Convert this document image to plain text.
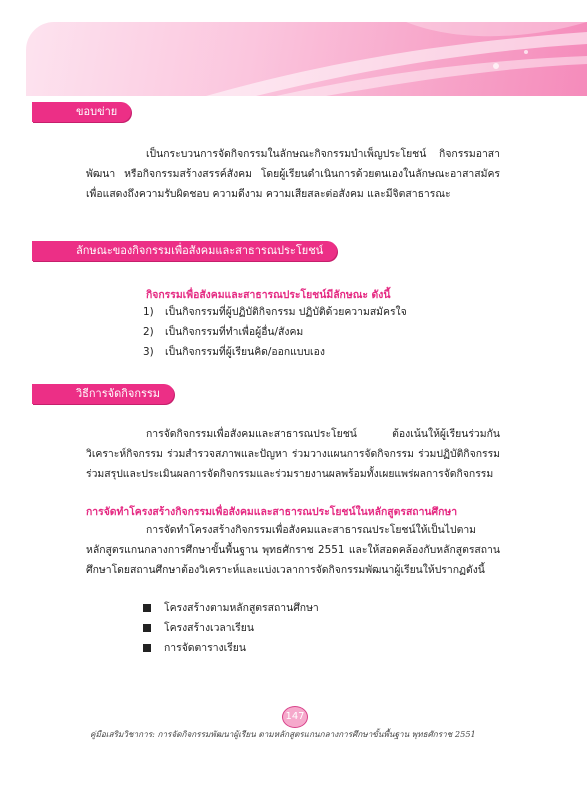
ขอบข่าย
เป็นกระบวนการจัดกิจกรรมในลักษณะกิจกรรมบำเพ็ญประโยชน์ กิจกรรมอาสาพัฒนา หรือกิจกรรมสร้างสรรค์สังคม โดยผู้เรียนดำเนินการด้วยตนเองในลักษณะอาสาสมัครเพื่อแสดงถึงความรับผิดชอบ ความดีงาม ความเสียสละต่อสังคม และมีจิตสาธารณะ
ลักษณะของกิจกรรมเพื่อสังคมและสาธารณประโยชน์
กิจกรรมเพื่อสังคมและสาธารณประโยชน์มีลักษณะ ดังนี้
1) เป็นกิจกรรมที่ผู้ปฏิบัติกิจกรรม ปฏิบัติด้วยความสมัครใจ
2) เป็นกิจกรรมที่ทำเพื่อผู้อื่น/สังคม
3) เป็นกิจกรรมที่ผู้เรียนคิด/ออกแบบเอง
วิธีการจัดกิจกรรม
การจัดกิจกรรมเพื่อสังคมและสาธารณประโยชน์ ต้องเน้นให้ผู้เรียนร่วมกันวิเคราะห์กิจกรรม ร่วมสำรวจสภาพและปัญหา ร่วมวางแผนการจัดกิจกรรม ร่วมปฏิบัติกิจกรรม ร่วมสรุปและประเมินผลการจัดกิจกรรมและร่วมรายงานผลพร้อมทั้งเผยแพร่ผลการจัดกิจกรรม
การจัดทำโครงสร้างกิจกรรมเพื่อสังคมและสาธารณประโยชน์ในหลักสูตรสถานศึกษา
การจัดทำโครงสร้างกิจกรรมเพื่อสังคมและสาธารณประโยชน์ให้เป็นไปตามหลักสูตรแกนกลางการศึกษาขั้นพื้นฐาน พุทธศักราช 2551 และให้สอดคล้องกับหลักสูตรสถานศึกษาโดยสถานศึกษาต้องวิเคราะห์และแบ่งเวลาการจัดกิจกรรมพัฒนาผู้เรียนให้ปรากฏดังนี้
โครงสร้างตามหลักสูตรสถานศึกษา
โครงสร้างเวลาเรียน
การจัดตารางเรียน
147
คู่มือเสริมวิชาการ: การจัดกิจกรรมพัฒนาผู้เรียน ตามหลักสูตรแกนกลางการศึกษาขั้นพื้นฐาน พุทธศักราช 2551
